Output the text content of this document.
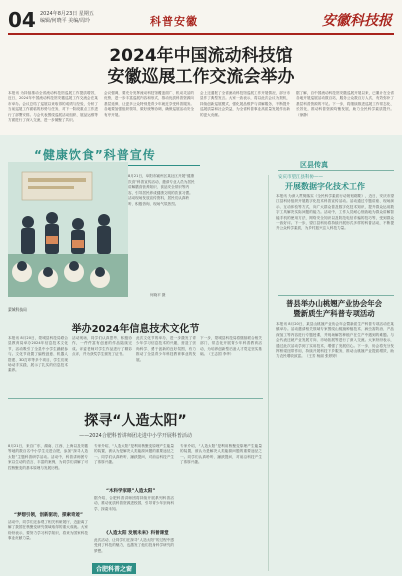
04 2024年8月23日 星期五
编辑/何晓平 美编/周玲	科普安徽	安徽科技报
2024年中国流动科技馆
安徽巡展工作交流会举办
本报讯 为持续推动全省流动科技馆巡展工作提质增效，近日，2024年中国流动科技馆安徽巡展工作交流会在某市举办。会议总结了巡展以来取得的成绩与经验，分析了当前巡展工作面临的形势与任务，对下一阶段重点工作进行了部署安排。与会代表围绕巡展活动组织、展品运维等方面进行了深入交流，进一步凝聚了共识。
会议强调，要充分发挥流动科技馆覆盖面广、机动灵活的优势，进一步丰富巡展内容和形式，推动优质科普资源向基层延伸，让更多公众特别是青少年就近享受科普服务。各地要加强组织领导，做好统筹协调，确保巡展活动安全有序开展。
会上还通报了全省流动科技馆巡展工作开展情况，部分市县作了典型发言。大家一致表示，将以此次会议为契机，持续创新巡展模式，强化展品维护与讲解服务，不断提升巡展质量和社会效益，为全省科普事业高质量发展作出新的更大贡献。
据了解，自中国流动科技馆安徽巡展开展以来，已累计在全省各地开展巡展活动数百站，服务公众数百万人次，有效弥补了基层科普资源的不足。下一步，将继续推进巡展工作常态化、长效化，推动科普资源均衡发展，助力全民科学素质提升。（徐静）
“健康饮食”科普宣传
8月21日，阜阳市颍州区某社区开展“健康饮食”科普宣传活动，邀请专业人员为居民讲解膳食营养知识、食品安全常识等内容，引导居民养成健康文明的饮食习惯。活动现场发放宣传资料，居民们认真聆听、积极咨询，现场气氛热烈。
何晓平 摄
蒙城科技局
举办2024年信息技术文化节
本报讯 8月20日，蒙城县科技局联合县教育局举办2024年信息技术文化节，活动吸引了全县中小学生踊跃参与。文化节设置了编程创意、机器人搭建、3D打印等多个项目，学生们现场动手实践，展示了扎实的信息技术素养。
活动现场，同学们认真思考、积极协作，一件件富有创意的作品陆续完成。评委老师对学生作品进行了精彩点评，并为获奖学生颁发了证书。
此次文化节的举办，进一步激发了青少年学习信息技术的兴趣，营造了崇尚科学、勇于创新的良好氛围，有力推动了全县青少年科技教育事业的发展。
下一步，蒙城县科技局将继续联合相关部门，常态化开展青少年科普教育活动，为培养创新型后备人才奠定坚实基础。（王志国 李华）
探寻“人造太阳”
——2024合肥科普讲师团走进中小学开展科普活动
8月21日，来自广东、湖南、江西、上海以及安徽等地的数百名中小学生走进合肥，参加“探寻人造太阳”主题科普研学活动。活动中，科普讲师团专家以生动的语言、丰富的案例，为同学们讲解了可控核聚变的基本原理与发展历程。
“梦想引领，创新驱动，探索奇迹”
活动中，同学们还参观了相关科研展厅，近距离了解了我国在核聚变研究领域取得的重大成就。大家纷纷表示，要努力学习科学知识，将来为国家科技事业贡献力量。
专家介绍，“人造太阳”是利用核聚变原理产生能量的装置，被认为是解决人类能源问题的重要途径之一。同学们认真聆听、踊跃提问，对前沿科技产生了浓厚兴趣。
“木科学家眼”人造太阳”
据介绍，合肥科普讲师团将持续开展系列科普活动，推动优质科普资源进校园，引导青少年崇尚科学、探索未知。
《人造太阳 发展未来》科普课堂
此次活动，让同学们在探寻“人造太阳”的过程中感受到了科技的魅力，也激发了他们投身科学研究的梦想。
专家介绍，“人造太阳”是利用核聚变原理产生能量的装置，被认为是解决人类能源问题的重要途径之一。同学们认真聆听、踊跃提问，对前沿科技产生了浓厚兴趣。
合肥科普之窗
区县传真
安庆市望江县科协——
开展数据字化技术工作
本报讯 为深入贯彻落实《全民科学素质行动规划纲要》，近日，安庆市望江县科协组织开展数字化技术科普宣传活动。活动通过专题讲座、现场演示、互动体验等方式，向广大群众普及数字化技术知识，提升群众运用数字工具解决实际问题的能力。活动中，工作人员耐心细致地为群众讲解智能手机的使用方法、网络安全知识以及防范电信诈骗的技巧等，受到群众一致好评。下一步，望江县科协将持续开展形式多样的科普活动，不断提升公众科学素质，为乡村振兴注入科技力量。
普县举办山桃翘产业协会年会
暨新质生产科普专项活动
本报讯 8月20日，某县山桃翘产业协会年会暨新质生产科普专项活动在某镇举办。活动邀请相关领域专家围绕山桃翘种植技术、病虫害防治、产品深加工等内容进行专题授课，并现场解答种植户在生产中遇到的难题。与会代表还就产业发展方向、市场拓展等进行了深入交流。大家纷纷表示，通过此次活动学到了实用技术，增强了发展信心。下一步，协会将充分发挥桥梁纽带作用，持续开展科技下乡服务，推动山桃翘产业提质增效，助力农民增收致富。（王芳 杨丽 张婷婷）
